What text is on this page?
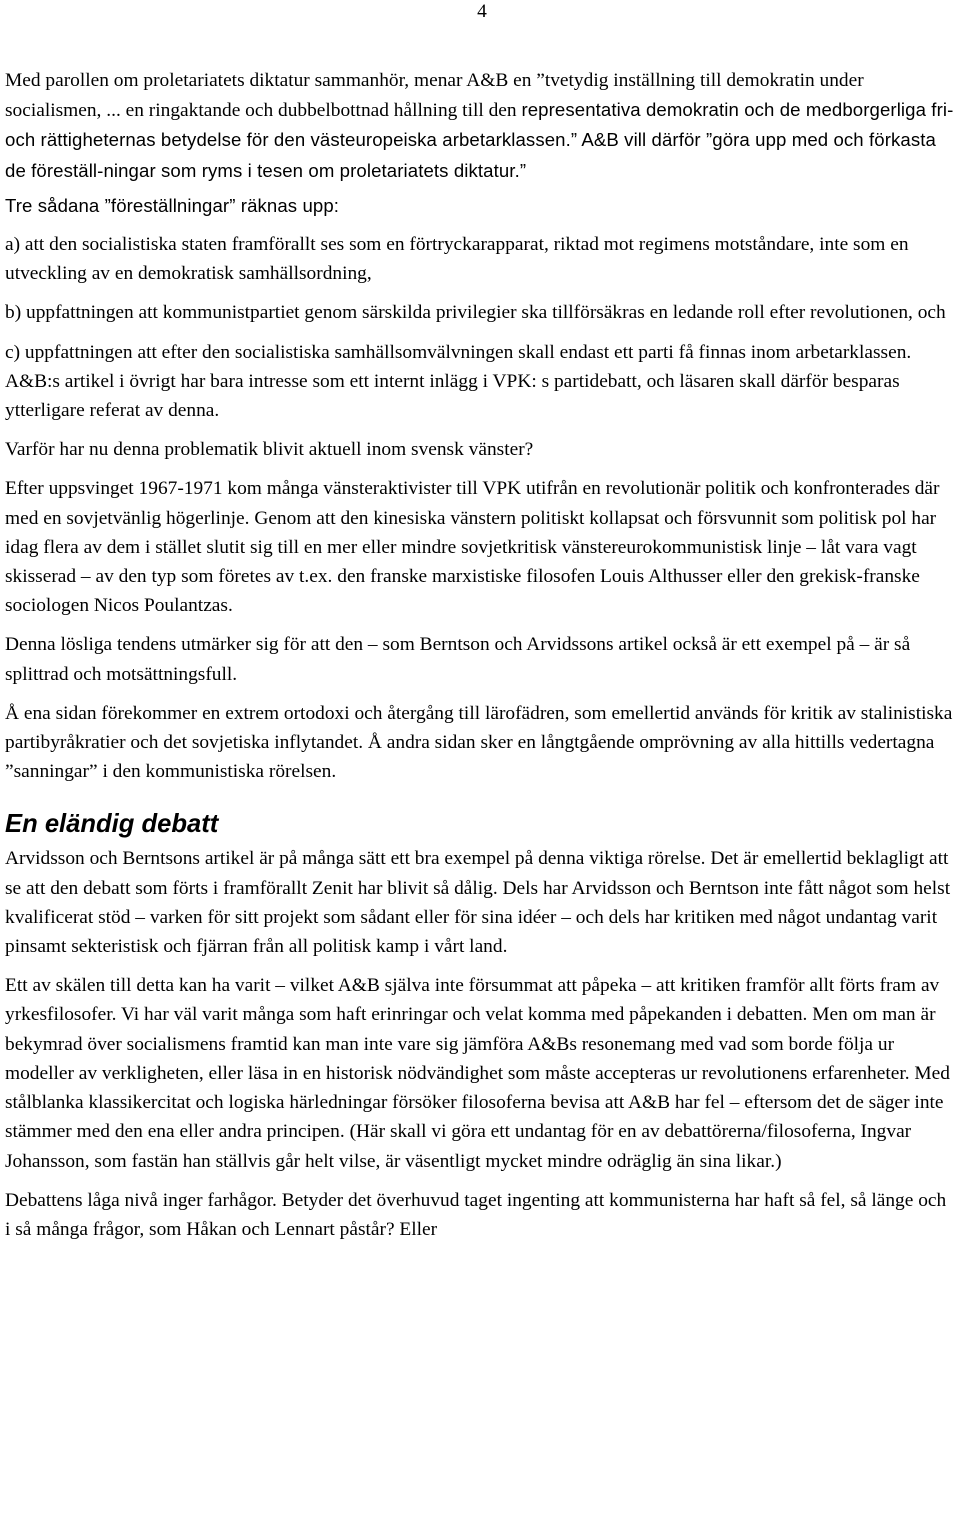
4

Med parollen om proletariatets diktatur sammanhör, menar A&B en ”tvetydig inställning till demokratin under socialismen, ... en ringaktande och dubbelbottnad hållning till den representativa demokratin och de medborgerliga fri- och rättigheternas betydelse för den västeuropeiska arbetarklassen.” A&B vill därför ”göra upp med och förkasta de föreställ-ningar som ryms i tesen om proletariatets diktatur.”

Tre sådana ”föreställningar” räknas upp:

a) att den socialistiska staten framförallt ses som en förtryckarapparat, riktad mot regimens motståndare, inte som en utveckling av en demokratisk samhällsordning,

b) uppfattningen att kommunistpartiet genom särskilda privilegier ska tillförsäkras en ledande roll efter revolutionen, och

c) uppfattningen att efter den socialistiska samhällsomvälvningen skall endast ett parti få finnas inom arbetarklassen. A&B:s artikel i övrigt har bara intresse som ett internt inlägg i VPK: s partidebatt, och läsaren skall därför besparas ytterligare referat av denna.

Varför har nu denna problematik blivit aktuell inom svensk vänster?

Efter uppsvinget 1967-1971 kom många vänsteraktivister till VPK utifrån en revolutionär politik och konfronterades där med en sovjetvänlig högerlinje. Genom att den kinesiska vänstern politiskt kollapsat och försvunnit som politisk pol har idag flera av dem i stället slutit sig till en mer eller mindre sovjetkritisk vänstereurokommunistisk linje – låt vara vagt skisserad – av den typ som företes av t.ex. den franske marxistiske filosofen Louis Althusser eller den grekisk-franske sociologen Nicos Poulantzas.

Denna lösliga tendens utmärker sig för att den – som Berntson och Arvidssons artikel också är ett exempel på – är så splittrad och motsättningsfull.

Å ena sidan förekommer en extrem ortodoxi och återgång till lärofädren, som emellertid används för kritik av stalinistiska partibyråkratier och det sovjetiska inflytandet. Å andra sidan sker en långtgående omprövning av alla hittills vedertagna ”sanningar” i den kommunistiska rörelsen.

En eländig debatt

Arvidsson och Berntsons artikel är på många sätt ett bra exempel på denna viktiga rörelse. Det är emellertid beklagligt att se att den debatt som förts i framförallt Zenit har blivit så dålig. Dels har Arvidsson och Berntson inte fått något som helst kvalificerat stöd – varken för sitt projekt som sådant eller för sina idéer – och dels har kritiken med något undantag varit pinsamt sekteristisk och fjärran från all politisk kamp i vårt land.

Ett av skälen till detta kan ha varit – vilket A&B själva inte försummat att påpeka – att kritiken framför allt förts fram av yrkesfilosofer. Vi har väl varit många som haft erinringar och velat komma med påpekanden i debatten. Men om man är bekymrad över socialismens framtid kan man inte vare sig jämföra A&Bs resonemang med vad som borde följa ur modeller av verkligheten, eller läsa in en historisk nödvändighet som måste accepteras ur revolutionens erfarenheter. Med stålblanka klassikercitat och logiska härledningar försöker filosoferna bevisa att A&B har fel – eftersom det de säger inte stämmer med den ena eller andra principen. (Här skall vi göra ett undantag för en av debattörerna/filosoferna, Ingvar Johansson, som fastän han ställvis går helt vilse, är väsentligt mycket mindre odräglig än sina likar.)

Debattens låga nivå inger farhågor. Betyder det överhuvud taget ingenting att kommunisterna har haft så fel, så länge och i så många frågor, som Håkan och Lennart påstår? Eller
